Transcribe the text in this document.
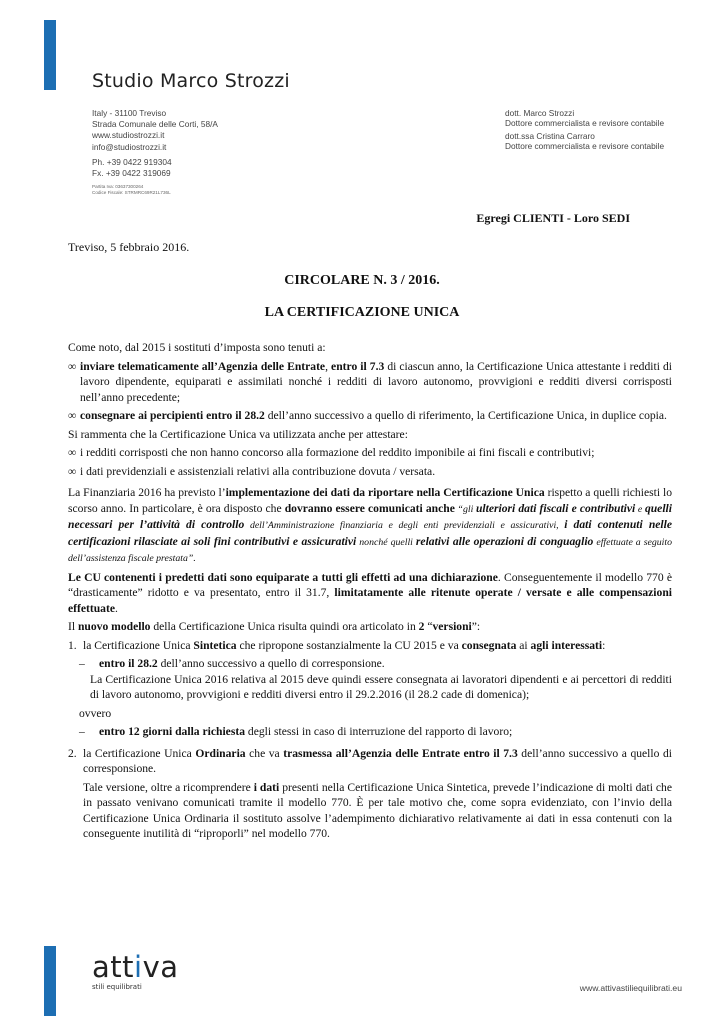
Studio Marco Strozzi
Italy - 31100 Treviso
Strada Comunale delle Corti, 58/A
www.studiostrozzi.it
info@studiostrozzi.it
Ph. +39 0422 919304
Fx. +39 0422 319069
Partita Iva: 03637300264
Codice Fiscale: STRMRC69R21L736L
dott. Marco Strozzi
Dottore commercialista e revisore contabile
dott.ssa Cristina Carraro
Dottore commercialista e revisore contabile
Egregi CLIENTI - Loro SEDI
Treviso, 5 febbraio 2016.
CIRCOLARE N. 3 / 2016.
LA CERTIFICAZIONE UNICA

Come noto, dal 2015 i sostituti d’imposta sono tenuti a:

∞ inviare telematicamente all’Agenzia delle Entrate, entro il 7.3 di ciascun anno, la Certificazione Unica attestante i redditi di lavoro dipendente, equiparati e assimilati nonché i redditi di lavoro autonomo, provvigioni e redditi diversi corrisposti nell’anno precedente;
∞ consegnare ai percipienti entro il 28.2 dell’anno successivo a quello di riferimento, la Certificazione Unica, in duplice copia.

Si rammenta che la Certificazione Unica va utilizzata anche per attestare:

∞ i redditi corrisposti che non hanno concorso alla formazione del reddito imponibile ai fini fiscali e contributivi;
∞ i dati previdenziali e assistenziali relativi alla contribuzione dovuta / versata.

La Finanziaria 2016 ha previsto l’implementazione dei dati da riportare nella Certificazione Unica rispetto a quelli richiesti lo scorso anno. In particolare, è ora disposto che dovranno essere comunicati anche “gli ulteriori dati fiscali e contributivi e quelli necessari per l’attività di controllo dell’Amministrazione finanziaria e degli enti previdenziali e assicurativi, i dati contenuti nelle certificazioni rilasciate ai soli fini contributivi e assicurativi nonché quelli relativi alle operazioni di conguaglio effettuate a seguito dell’assistenza fiscale prestata”.

Le CU contenenti i predetti dati sono equiparate a tutti gli effetti ad una dichiarazione. Conseguentemente il modello 770 è “drasticamente” ridotto e va presentato, entro il 31.7, limitatamente alle ritenute operate / versate e alle compensazioni effettuate.

Il nuovo modello della Certificazione Unica risulta quindi ora articolato in 2 “versioni”:

1. la Certificazione Unica Sintetica che ripropone sostanzialmente la CU 2015 e va consegnata ai agli interessati:
–	entro il 28.2 dell’anno successivo a quello di corresponsione.

La Certificazione Unica 2016 relativa al 2015 deve quindi essere consegnata ai lavoratori dipendenti e ai percettori di redditi di lavoro autonomo, provvigioni e redditi diversi entro il 29.2.2016 (il 28.2 cade di domenica);

ovvero

–	entro 12 giorni dalla richiesta degli stessi in caso di interruzione del rapporto di lavoro;
2. la Certificazione Unica Ordinaria che va trasmessa all’Agenzia delle Entrate entro il 7.3 dell’anno successivo a quello di corresponsione.

Tale versione, oltre a ricomprendere i dati presenti nella Certificazione Unica Sintetica, prevede l’indicazione di molti dati che in passato venivano comunicati tramite il modello 770. È per tale motivo che, come sopra evidenziato, con l’invio della Certificazione Unica Ordinaria il sostituto assolve l’adempimento dichiarativo relativamente ai dati in essa contenuti con la conseguente inutilità di “riproporli” nel modello 770.

attiva
stili equilibrati	www.attivastiliequilibrati.eu
